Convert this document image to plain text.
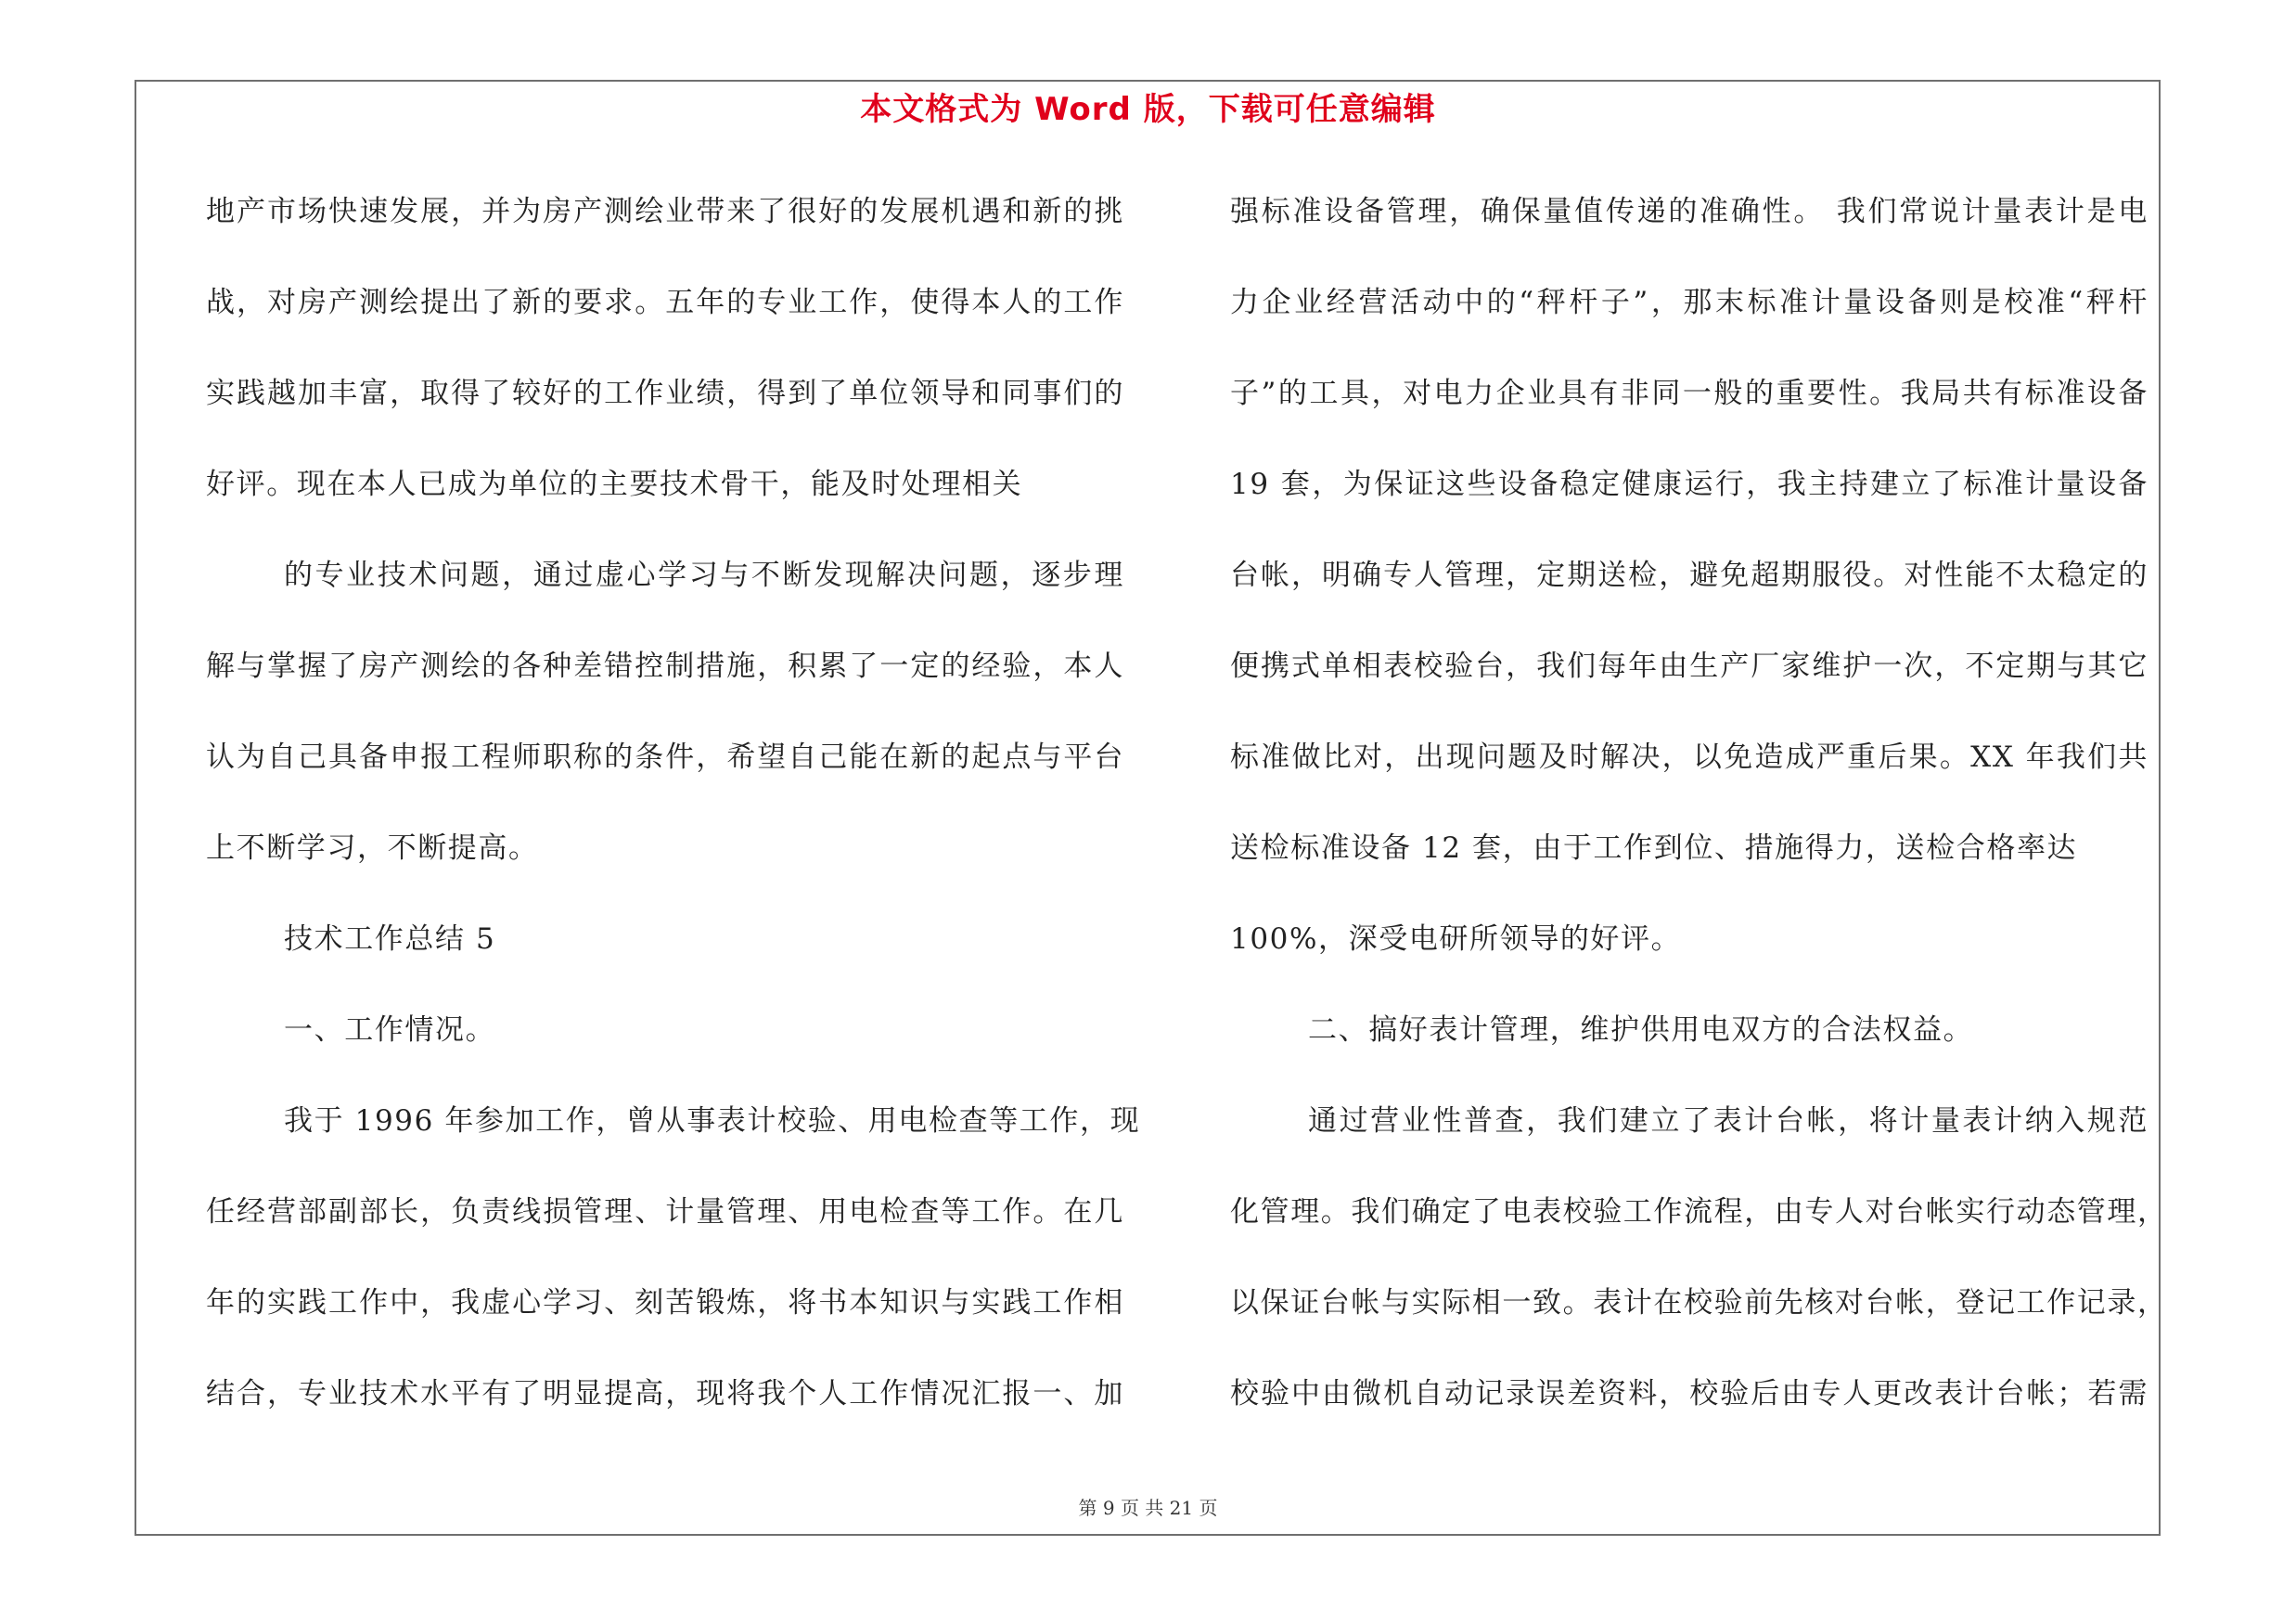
本文格式为 Word 版，下载可任意编辑
地产市场快速发展，并为房产测绘业带来了很好的发展机遇和新的挑
战，对房产测绘提出了新的要求。五年的专业工作，使得本人的工作
实践越加丰富，取得了较好的工作业绩，得到了单位领导和同事们的
好评。现在本人已成为单位的主要技术骨干，能及时处理相关
的专业技术问题，通过虚心学习与不断发现解决问题，逐步理
解与掌握了房产测绘的各种差错控制措施，积累了一定的经验，本人
认为自己具备申报工程师职称的条件，希望自己能在新的起点与平台
上不断学习，不断提高。
技术工作总结 5
一、工作情况。
我于 1996 年参加工作，曾从事表计校验、用电检查等工作，现
任经营部副部长，负责线损管理、计量管理、用电检查等工作。在几
年的实践工作中，我虚心学习、刻苦锻炼，将书本知识与实践工作相
结合，专业技术水平有了明显提高，现将我个人工作情况汇报一、加
强标准设备管理，确保量值传递的准确性。 我们常说计量表计是电
力企业经营活动中的“秤杆子”，那末标准计量设备则是校准“秤杆
子”的工具，对电力企业具有非同一般的重要性。我局共有标准设备
19 套，为保证这些设备稳定健康运行，我主持建立了标准计量设备
台帐，明确专人管理，定期送检，避免超期服役。对性能不太稳定的
便携式单相表校验台，我们每年由生产厂家维护一次，不定期与其它
标准做比对，出现问题及时解决，以免造成严重后果。XX 年我们共
送检标准设备 12 套，由于工作到位、措施得力，送检合格率达
100%，深受电研所领导的好评。
二、搞好表计管理，维护供用电双方的合法权益。
通过营业性普查，我们建立了表计台帐，将计量表计纳入规范
化管理。我们确定了电表校验工作流程，由专人对台帐实行动态管理，
以保证台帐与实际相一致。表计在校验前先核对台帐，登记工作记录，
校验中由微机自动记录误差资料，校验后由专人更改表计台帐；若需
第 9 页 共 21 页
